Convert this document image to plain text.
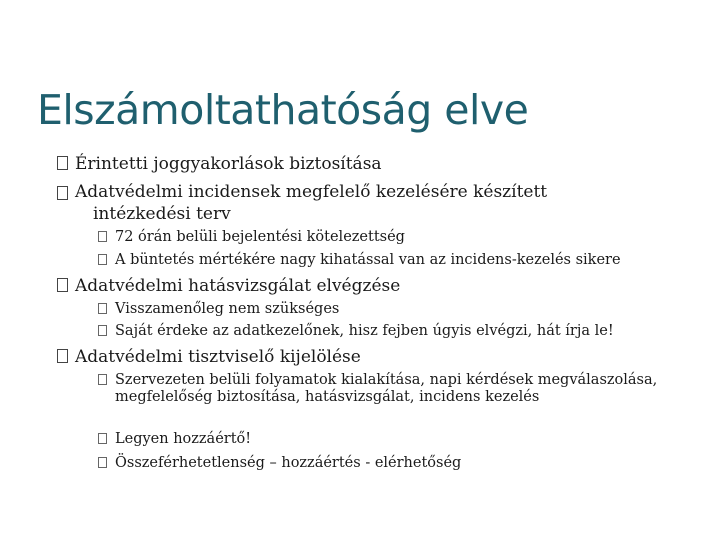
Elszámoltathatóság elve
Érintetti joggyakorlások biztosítása
Adatvédelmi incidensek megfelelő kezelésére készített intézkedési terv
72 órán belüli bejelentési kötelezettség
A büntetés mértékére nagy kihatással van az incidens-kezelés sikere
Adatvédelmi hatásvizsgálat elvégzése
Visszamenőleg nem szükséges
Saját érdeke az adatkezelőnek, hisz fejben úgyis elvégzi, hát írja le!
Adatvédelmi tisztviselő kijelölése
Szervezeten belüli folyamatok kialakítása, napi kérdések megválaszolása, megfelelőség biztosítása, hatásvizsgálat, incidens kezelés
Legyen hozzáértő!
Összeférhetetlenség – hozzáértés - elérhetőség
